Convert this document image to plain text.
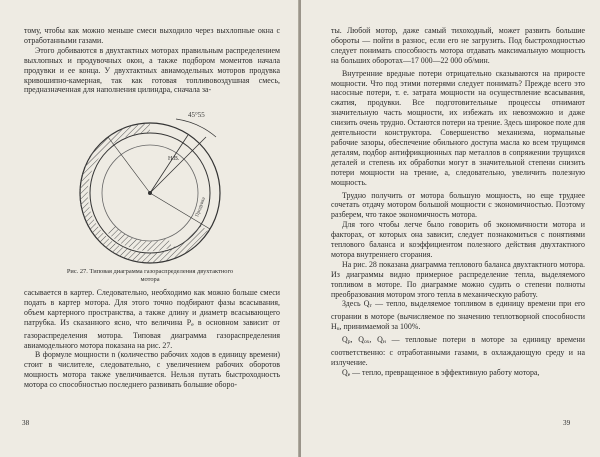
тому, чтобы как можно меньше смеси выходило через выхлопные окна с отработанными газами.

Этого добиваются в двухтактных моторах правильным распределением выхлопных и продувочных окон, а также подбором моментов начала продувки и ее конца. У двухтактных авиамодельных моторов продувка кривошипно-камерная, так как готовая топливовоздушная смесь, предназначенная для наполнения цилиндра, сначала за-

45°55
Н.В.
Продувка
Рис. 27. Типовая диаграмма газораспределения двухтактного мотора

сасывается в картер. Следовательно, необходимо как можно больше смеси подать в картер мотора. Для этого точно подбирают фазы всасывания, объем картерного пространства, а также длину и диаметр всасывающего патрубка. Из сказанного ясно, что величина Pe в основном зависит от газораспределения мотора. Типовая диаграмма газораспределения авиамодельного мотора показана на рис. 27.

В формуле мощности n (количество рабочих ходов в единицу времени) стоит в числителе, следовательно, с увеличением рабочих оборотов мощность мотора также увеличивается. Нельзя путать быстроходность мотора со способностью последнего развивать большие оборо-

38

ты. Любой мотор, даже самый тихоходный, может развить большие обороты — пойти в разнос, если его не загрузить. Под быстроходностью следует понимать способность мотора отдавать максимальную мощность на больших оборотах—17 000—22 000 об/мин.

Внутренние вредные потери отрицательно сказываются на приросте мощности. Что под этими потерями следует понимать? Прежде всего это насосные потери, т. е. затрата мощности на осуществление всасывания, сжатия, продувки. Все подготовительные процессы отнимают значительную часть мощности, их избежать их невозможно и даже снизить очень трудно. Остаются потери на трение. Здесь широкое поле для деятельности конструктора. Совершенство механизма, нормальные рабочие зазоры, обеспечение обильного доступа масла ко всем трущимся деталям, подбор антифрикционных пар металлов в сопряжении трущихся деталей и степень их обработки могут в значительной степени снизить потери мощности на трение, а, следовательно, увеличить полезную мощность.

Трудно получить от мотора большую мощность, но еще труднее сочетать отдачу мотором большой мощности с экономичностью. Поэтому разберем, что такое экономичность мотора.

Для того чтобы легче было говорить об экономичности мотора и факторах, от которых она зависит, следует познакомиться с понятиями теплового баланса и коэффициентом полезного действия двухтактного мотора внутреннего сгорания.

На рис. 28 показана диаграмма теплового баланса двухтактного мотора. Из диаграммы видно примерное распределение тепла, выделяемого топливом в моторе. По диаграмме можно судить о степени полноты преобразования мотором этого тепла в механическую работу.

Здесь Qт — тепло, выделяемое топливом в единицу времени при его сгорании в моторе (вычисляемое по значению теплотворной способности Hu, принимаемой за 100%.

Qр, Qох, Qн — тепловые потери в моторе за единицу времени соответственно: с отработанными газами, в охлаждающую среду и на излучение.

Qе — тепло, превращенное в эффективную работу мотора,

39
